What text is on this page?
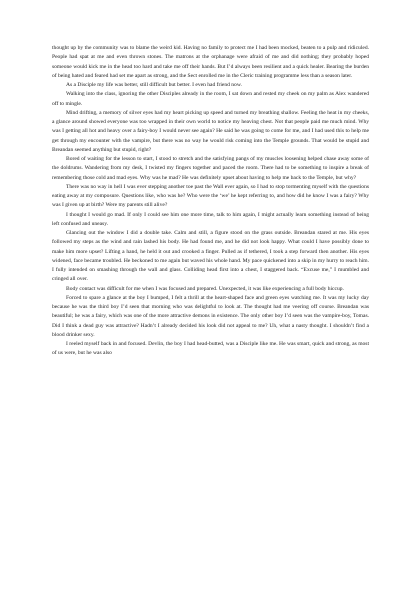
thought up by the community was to blame the weird kid. Having no family to protect me I had been mocked, beaten to a pulp and ridiculed. People had spat at me and even thrown stones. The matrons at the orphanage were afraid of me and did nothing; they probably hoped someone would kick me in the head too hard and take me off their hands. But I’d always been resilient and a quick healer. Bearing the burden of being hated and feared had set me apart as strong, and the Sect enrolled me in the Cleric training programme less than a season later.

As a Disciple my life was better, still difficult but better. I even had friend now.

Walking into the class, ignoring the other Disciples already in the room, I sat down and rested my cheek on my palm as Alex wandered off to mingle.

Mind drifting, a memory of silver eyes had my heart picking up speed and turned my breathing shallow. Feeling the heat in my cheeks, a glance around showed everyone was too wrapped in their own world to notice my heaving chest. Not that people paid me much mind. Why was I getting all hot and heavy over a fairy-boy I would never see again? He said he was going to come for me, and I had used this to help me get through my encounter with the vampire, but there was no way he would risk coming into the Temple grounds. That would be stupid and Breandan seemed anything but stupid, right?

Bored of waiting for the lesson to start, I stood to stretch and the satisfying pangs of my muscles loosening helped chase away some of the doldrums. Wandering from my desk, I twisted my fingers together and paced the room. There had to be something to inspire a break of remembering those cold and mad eyes. Why was he mad? He was definitely upset about having to help me back to the Temple, but why?

There was no way in hell I was ever stepping another toe past the Wall ever again, so I had to stop tormenting myself with the questions eating away at my composure. Questions like, who was he? Who were the ‘we’ he kept referring to, and how did he know I was a fairy? Why was I given up at birth? Were my parents still alive?

I thought I would go mad. If only I could see him one more time, talk to him again, I might actually learn something instead of being left confused and uneasy.

Glancing out the window I did a double take. Calm and still, a figure stood on the grass outside. Breandan stared at me. His eyes followed my steps as the wind and rain lashed his body. He had found me, and he did not look happy. What could I have possibly done to make him more upset? Lifting a hand, he held it out and crooked a finger. Pulled as if tethered, I took a step forward then another. His eyes widened, face became troubled. He beckoned to me again but waved his whole hand. My pace quickened into a skip in my hurry to reach him. I fully intended on smashing through the wall and glass. Colliding head first into a chest, I staggered back. “Excuse me,” I mumbled and cringed all over.

Body contact was difficult for me when I was focused and prepared. Unexpected, it was like experiencing a full body hiccup.

Forced to spare a glance at the boy I bumped, I felt a thrill at the heart-shaped face and green eyes watching me. It was my lucky day because he was the third boy I’d seen that morning who was delightful to look at. The thought had me veering off course. Breandan was beautiful; he was a fairy, which was one of the more attractive demons in existence. The only other boy I’d seen was the vampire-boy, Tomas. Did I think a dead guy was attractive? Hadn’t I already decided his look did not appeal to me? Uh, what a nasty thought. I shouldn’t find a blood drinker sexy.

I reeled myself back in and focused. Devlin, the boy I had head-butted, was a Disciple like me. He was smart, quick and strong, as most of us were, but he was also
